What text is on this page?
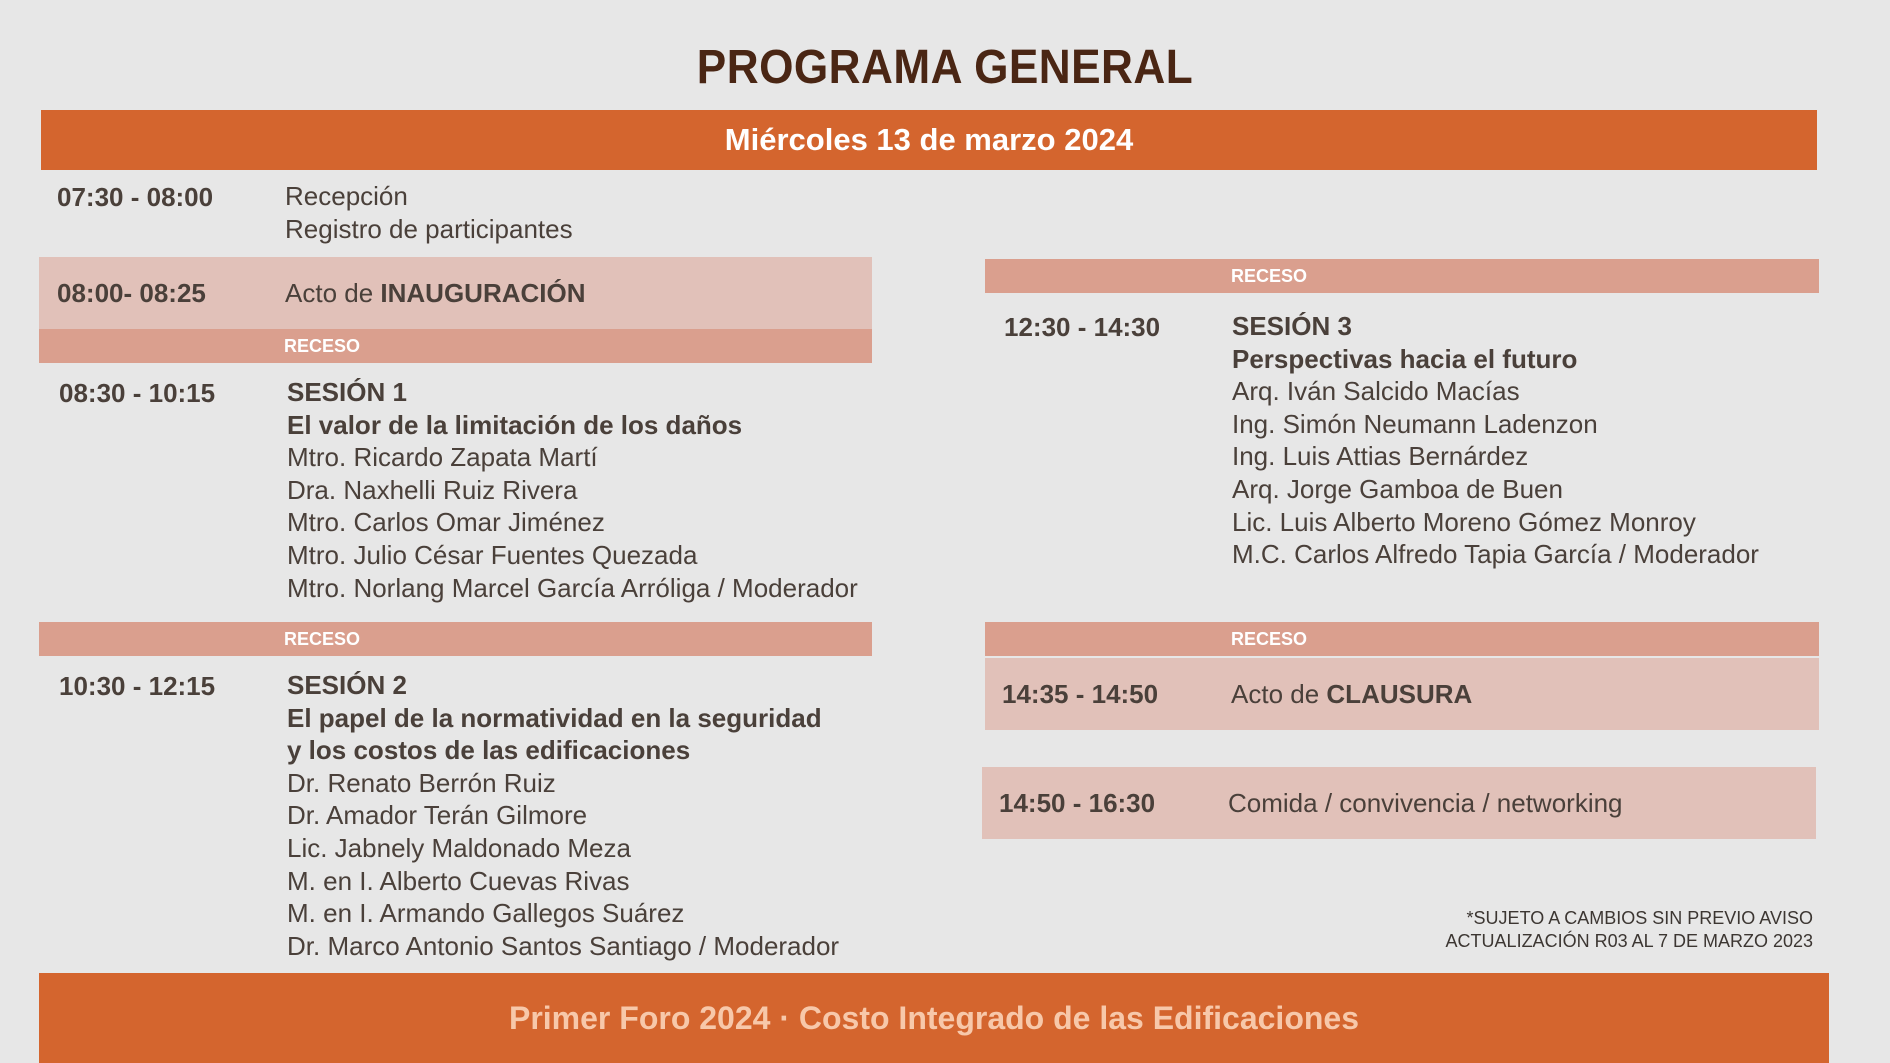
PROGRAMA GENERAL
Miércoles 13 de marzo 2024
07:30 - 08:00	Recepción
Registro de participantes
08:00- 08:25	Acto de INAUGURACIÓN
RECESO
08:30 - 10:15	SESIÓN 1
El valor de la limitación de los daños
Mtro. Ricardo Zapata Martí
Dra. Naxhelli Ruiz Rivera
Mtro. Carlos Omar Jiménez
Mtro. Julio César Fuentes Quezada
Mtro. Norlang Marcel García Arróliga / Moderador
RECESO
10:30 - 12:15	SESIÓN 2
El papel de la normatividad en la seguridad
y los costos de las edificaciones
Dr. Renato Berrón Ruiz
Dr. Amador Terán Gilmore
Lic. Jabnely Maldonado Meza
M. en I. Alberto Cuevas Rivas
M. en I. Armando Gallegos Suárez
Dr. Marco Antonio Santos Santiago / Moderador
RECESO
12:30 - 14:30	SESIÓN 3
Perspectivas hacia el futuro
Arq. Iván Salcido Macías
Ing. Simón Neumann Ladenzon
Ing. Luis Attias Bernárdez
Arq. Jorge Gamboa de Buen
Lic. Luis Alberto Moreno Gómez Monroy
M.C. Carlos Alfredo Tapia García / Moderador
RECESO
14:35 - 14:50	Acto de CLAUSURA
14:50 - 16:30	Comida / convivencia / networking
*SUJETO A CAMBIOS SIN PREVIO AVISO
ACTUALIZACIÓN R03 AL 7 DE MARZO 2023
Primer Foro 2024 · Costo Integrado de las Edificaciones
